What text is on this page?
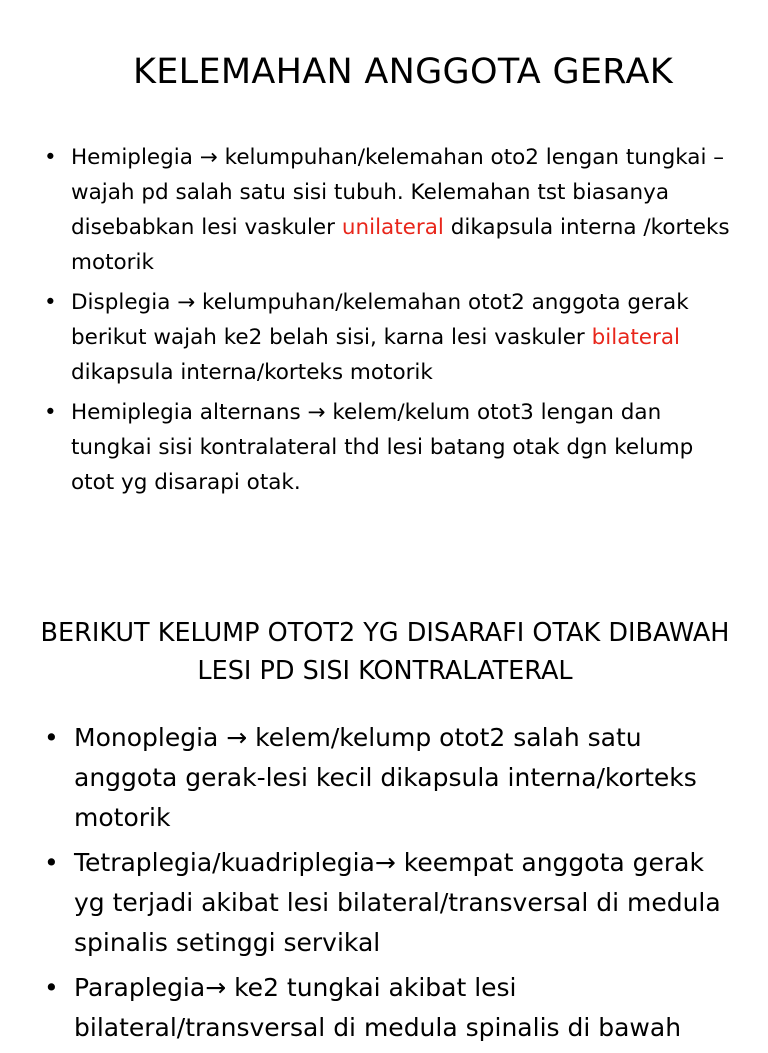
KELEMAHAN ANGGOTA GERAK
• Hemiplegia → kelumpuhan/kelemahan oto2 lengan tungkai – wajah pd salah satu sisi tubuh. Kelemahan tst biasanya disebabkan lesi vaskuler unilateral dikapsula interna /korteks motorik
• Displegia → kelumpuhan/kelemahan otot2 anggota gerak berikut wajah ke2 belah sisi, karna lesi vaskuler bilateral dikapsula interna/korteks motorik
• Hemiplegia alternans → kelem/kelum otot3 lengan dan tungkai sisi kontralateral thd lesi batang otak dgn kelump otot yg disarapi otak.
BERIKUT KELUMP OTOT2 YG DISARAFI OTAK DIBAWAH LESI PD SISI KONTRALATERAL
• Monoplegia → kelem/kelump otot2 salah satu anggota gerak-lesi kecil dikapsula interna/korteks motorik
• Tetraplegia/kuadriplegia→ keempat anggota gerak yg terjadi akibat lesi bilateral/transversal di medula spinalis setinggi servikal
• Paraplegia→ ke2 tungkai akibat lesi bilateral/transversal di medula spinalis di bawah
